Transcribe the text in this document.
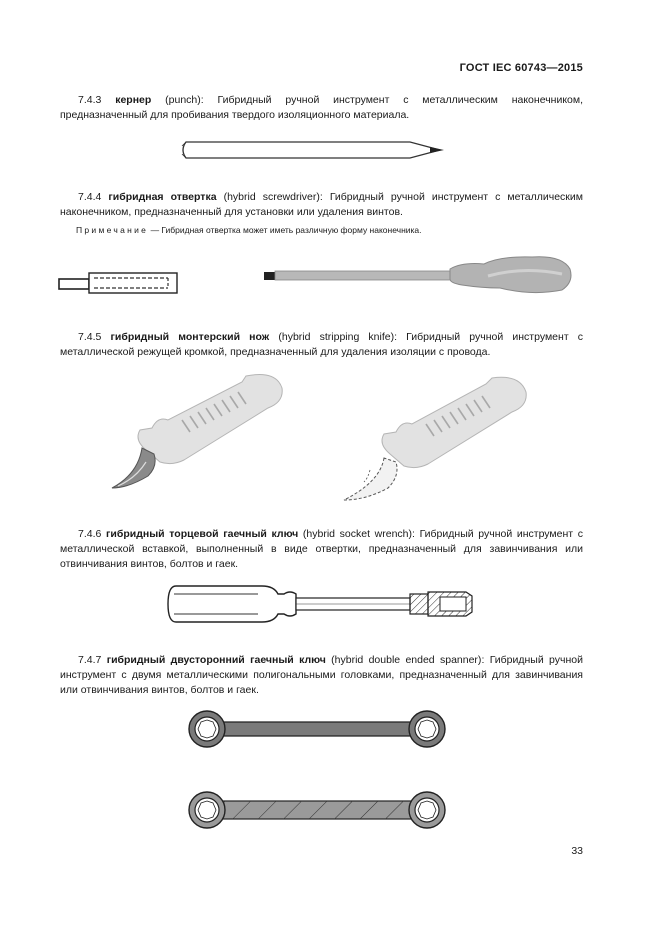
ГОСТ IEC 60743—2015
7.4.3 кернер (punch): Гибридный ручной инструмент с металлическим наконечником, предназначенный для пробивания твердого изоляционного материала.
7.4.4 гибридная отвертка (hybrid screwdriver): Гибридный ручной инструмент с металлическим наконечником, предназначенный для установки или удаления винтов.
Примечание — Гибридная отвертка может иметь различную форму наконечника.
7.4.5 гибридный монтерский нож (hybrid stripping knife): Гибридный ручной инструмент с металлической режущей кромкой, предназначенный для удаления изоляции с провода.
7.4.6 гибридный торцевой гаечный ключ (hybrid socket wrench): Гибридный ручной инструмент с металлической вставкой, выполненный в виде отвертки, предназначенный для завинчивания или отвинчивания винтов, болтов и гаек.
7.4.7 гибридный двусторонний гаечный ключ (hybrid double ended spanner): Гибридный ручной инструмент с двумя металлическими полигональными головками, предназначенный для завинчивания или отвинчивания винтов, болтов и гаек.
33
